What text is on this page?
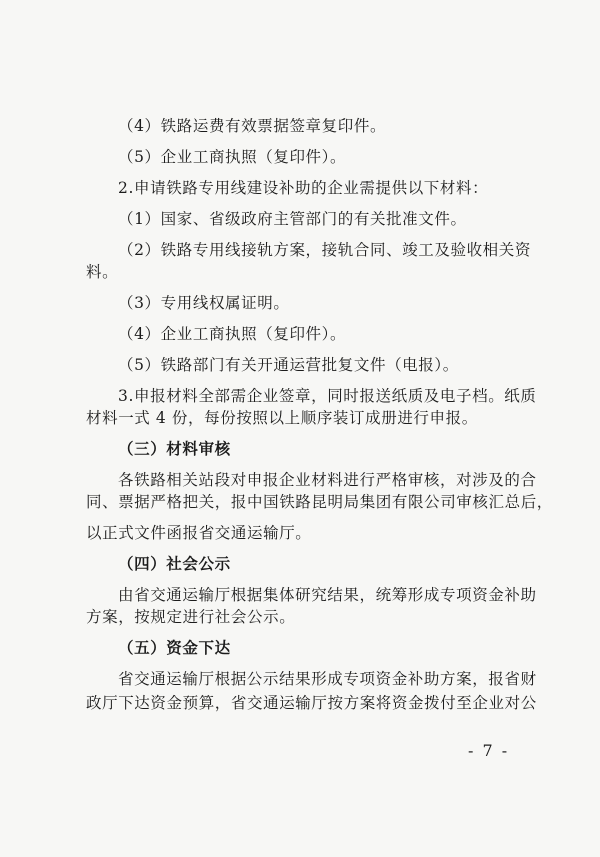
（4）铁路运费有效票据签章复印件。
（5）企业工商执照（复印件）。
2.申请铁路专用线建设补助的企业需提供以下材料：
（1）国家、省级政府主管部门的有关批准文件。
（2）铁路专用线接轨方案，接轨合同、竣工及验收相关资
料。
（3）专用线权属证明。
（4）企业工商执照（复印件）。
（5）铁路部门有关开通运营批复文件（电报）。
3.申报材料全部需企业签章，同时报送纸质及电子档。纸质
材料一式 4 份，每份按照以上顺序装订成册进行申报。
（三）材料审核
各铁路相关站段对申报企业材料进行严格审核，对涉及的合
同、票据严格把关，报中国铁路昆明局集团有限公司审核汇总后，
以正式文件函报省交通运输厅。
（四）社会公示
由省交通运输厅根据集体研究结果，统筹形成专项资金补助
方案，按规定进行社会公示。
（五）资金下达
省交通运输厅根据公示结果形成专项资金补助方案，报省财
政厅下达资金预算，省交通运输厅按方案将资金拨付至企业对公
- 7 -
